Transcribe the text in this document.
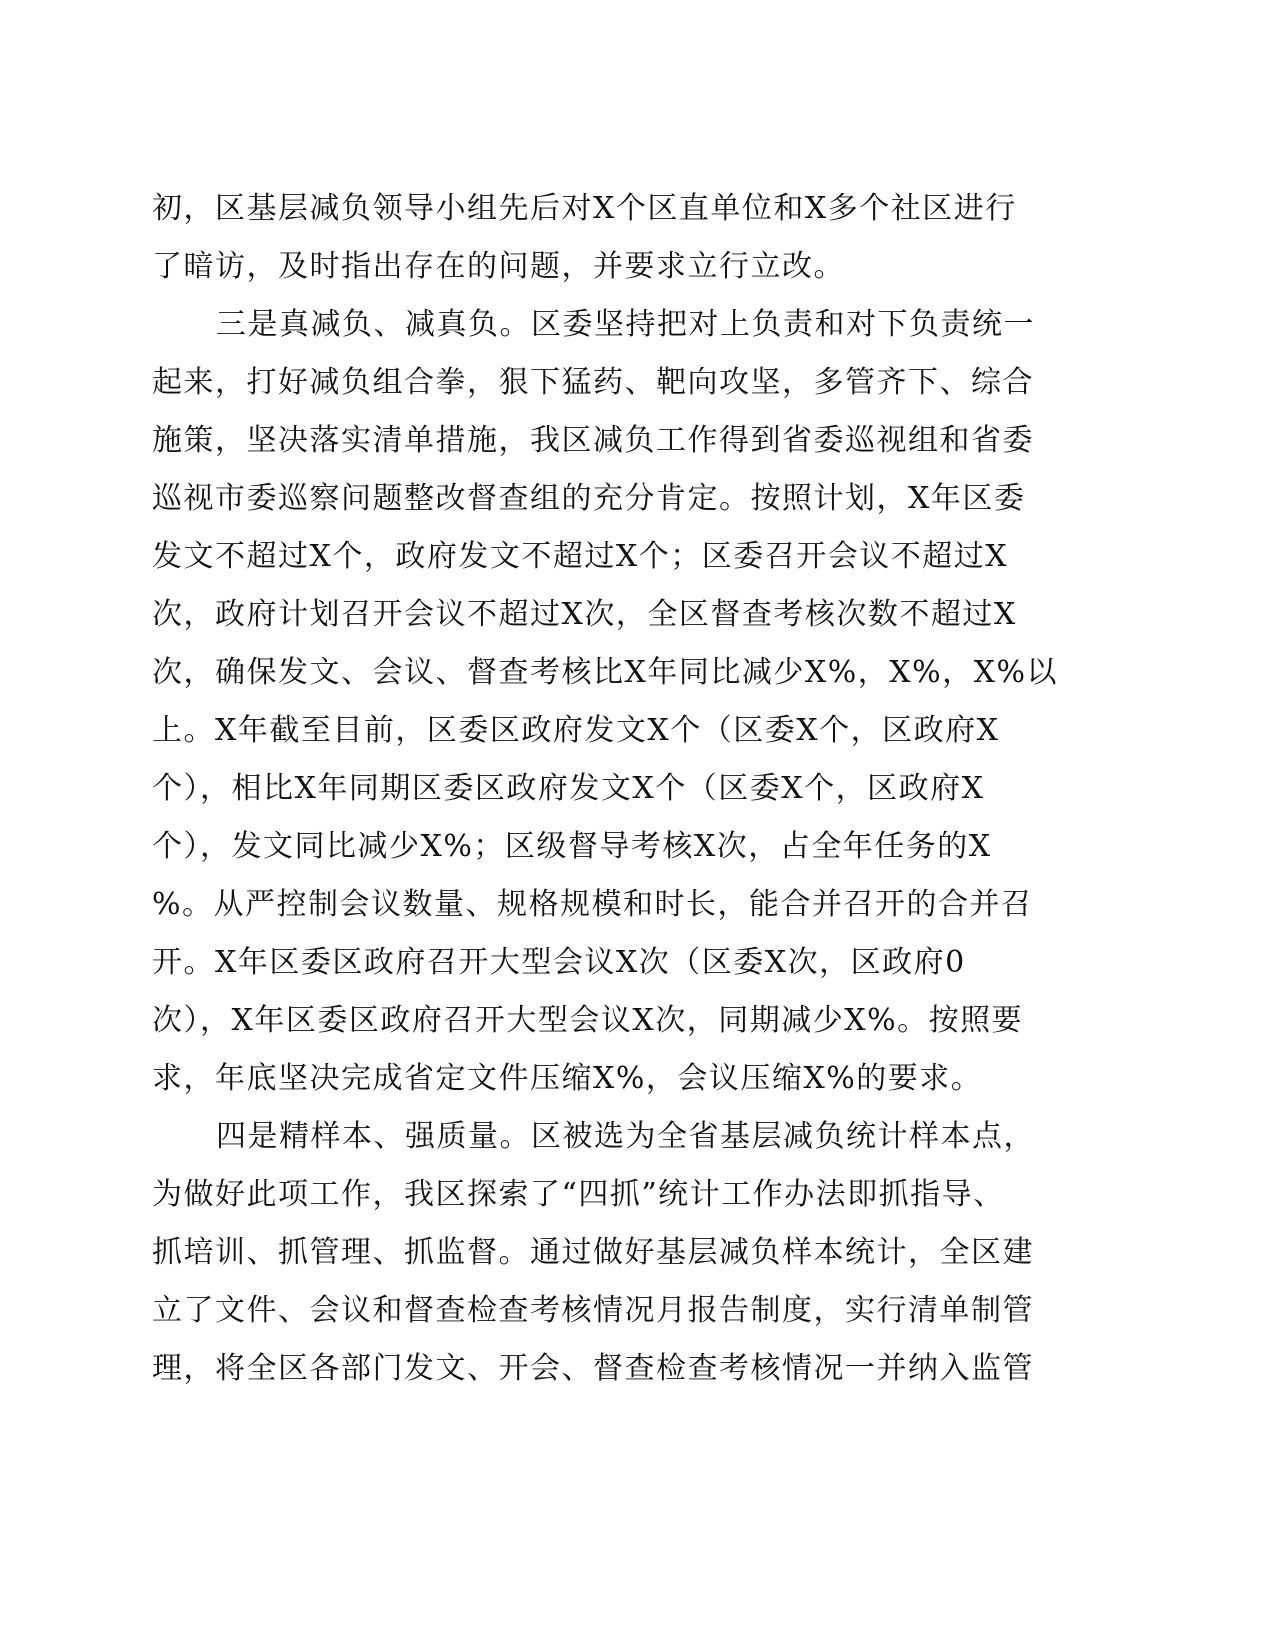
初，区基层减负领导小组先后对X个区直单位和X多个社区进行
了暗访，及时指出存在的问题，并要求立行立改。
三是真减负、减真负。区委坚持把对上负责和对下负责统一
起来，打好减负组合拳，狠下猛药、靶向攻坚，多管齐下、综合
施策，坚决落实清单措施，我区减负工作得到省委巡视组和省委
巡视市委巡察问题整改督查组的充分肯定。按照计划，X年区委
发文不超过X个，政府发文不超过X个；区委召开会议不超过X
次，政府计划召开会议不超过X次，全区督查考核次数不超过X
次，确保发文、会议、督查考核比X年同比减少X%，X%，X%以
上。X年截至目前，区委区政府发文X个（区委X个，区政府X
个），相比X年同期区委区政府发文X个（区委X个，区政府X
个），发文同比减少X%；区级督导考核X次，占全年任务的X
%。从严控制会议数量、规格规模和时长，能合并召开的合并召
开。X年区委区政府召开大型会议X次（区委X次，区政府0
次），X年区委区政府召开大型会议X次，同期减少X%。按照要
求，年底坚决完成省定文件压缩X%，会议压缩X%的要求。
四是精样本、强质量。区被选为全省基层减负统计样本点，
为做好此项工作，我区探索了“四抓”统计工作办法即抓指导、
抓培训、抓管理、抓监督。通过做好基层减负样本统计，全区建
立了文件、会议和督查检查考核情况月报告制度，实行清单制管
理，将全区各部门发文、开会、督查检查考核情况一并纳入监管
